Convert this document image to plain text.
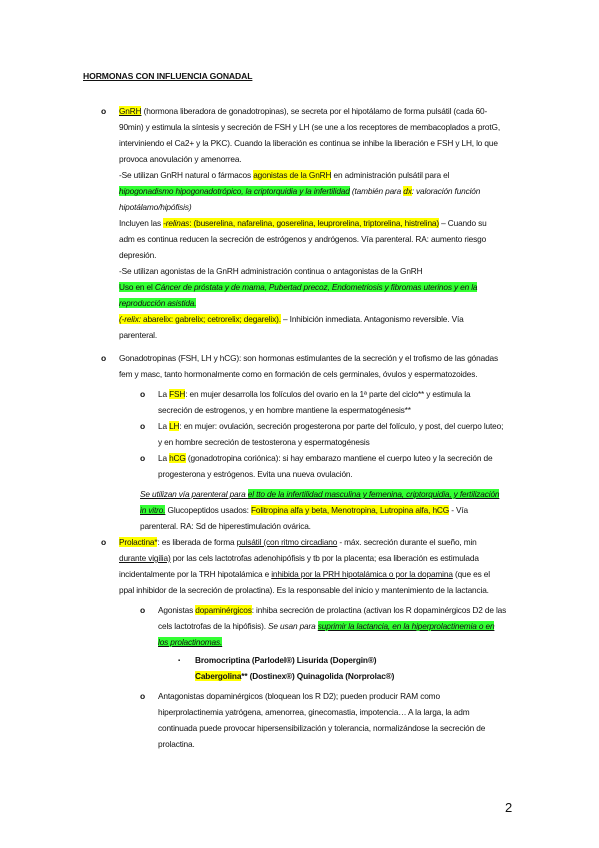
HORMONAS CON INFLUENCIA GONADAL
o GnRH (hormona liberadora de gonadotropinas), se secreta por el hipotálamo de forma pulsátil (cada 60-
90min) y estimula la síntesis y secreción de FSH y LH (se une a los receptores de membacoplados a protG,
interviniendo el Ca2+ y la PKC). Cuando la liberación es continua se inhibe la liberación e FSH y LH, lo que
provoca anovulación y amenorrea.
-Se utilizan GnRH natural o fármacos agonistas de la GnRH en administración pulsátil para el
hipogonadismo hipogonadotrópico, la criptorquidia y la infertilidad (también para dx: valoración función
hipotálamo/hipófisis)
Incluyen las -relinas: (buserelina, nafarelina, goserelina, leuprorelina, triptorelina, histrelina) – Cuando su
adm es continua reducen la secreción de estrógenos y andrógenos. Vía parenteral. RA: aumento riesgo
depresión.
-Se utilizan agonistas de la GnRH administración continua o antagonistas de la GnRH
Uso en el Cáncer de próstata y de mama, Pubertad precoz, Endometriosis y fibromas uterinos y en la
reproducción asistida.
(-relix: abarelix: gabrelix; cetrorelix; degarelix). – Inhibición inmediata. Antagonismo reversible. Vía
parenteral.
o Gonadotropinas (FSH, LH y hCG): son hormonas estimulantes de la secreción y el trofismo de las gónadas
fem y masc, tanto hormonalmente como en formación de cels germinales, óvulos y espermatozoides.
o La FSH: en mujer desarrolla los folículos del ovario en la 1ª parte del ciclo** y estimula la
secreción de estrogenos, y en hombre mantiene la espermatogénesis**
o La LH: en mujer: ovulación, secreción progesterona por parte del folículo, y post, del cuerpo luteo;
y en hombre secreción de testosterona y espermatogénesis
o La hCG (gonadotropina coriónica): si hay embarazo mantiene el cuerpo luteo y la secreción de
progesterona y estrógenos. Evita una nueva ovulación.
Se utilizan vía parenteral para el tto de la infertilidad masculina y femenina, criptorquidia, y fertilización
in vitro. Glucopeptidos usados: Folitropina alfa y beta, Menotropina, Lutropina alfa, hCG - Vía
parenteral. RA: Sd de hiperestimulación ovárica.
o Prolactina*: es liberada de forma pulsátil (con ritmo circadiano - máx. secreción durante el sueño, min
durante vigilia) por las cels lactotrofas adenohipófisis y tb por la placenta; esa liberación es estimulada
incidentalmente por la TRH hipotalámica e inhibida por la PRH hipotalámica o por la dopamina (que es el
ppal inhibidor de la secreción de prolactina). Es la responsable del inicio y mantenimiento de la lactancia.
o Agonistas dopaminérgicos: inhiba secreción de prolactina (activan los R dopaminérgicos D2 de las
cels lactotrofas de la hipófisis). Se usan para suprimir la lactancia, en la hiperprolactinemia o en
los prolactinomas.
▪ Bromocriptina (Parlodel®) Lisurida (Dopergin®)
Cabergolina** (Dostinex®) Quinagolida (Norprolac®)
o Antagonistas dopaminérgicos (bloquean los R D2); pueden producir RAM como
hiperprolactinemia yatrógena, amenorrea, ginecomastia, impotencia… A la larga, la adm
continuada puede provocar hipersensibilización y tolerancia, normalizándose la secreción de
prolactina.
2
